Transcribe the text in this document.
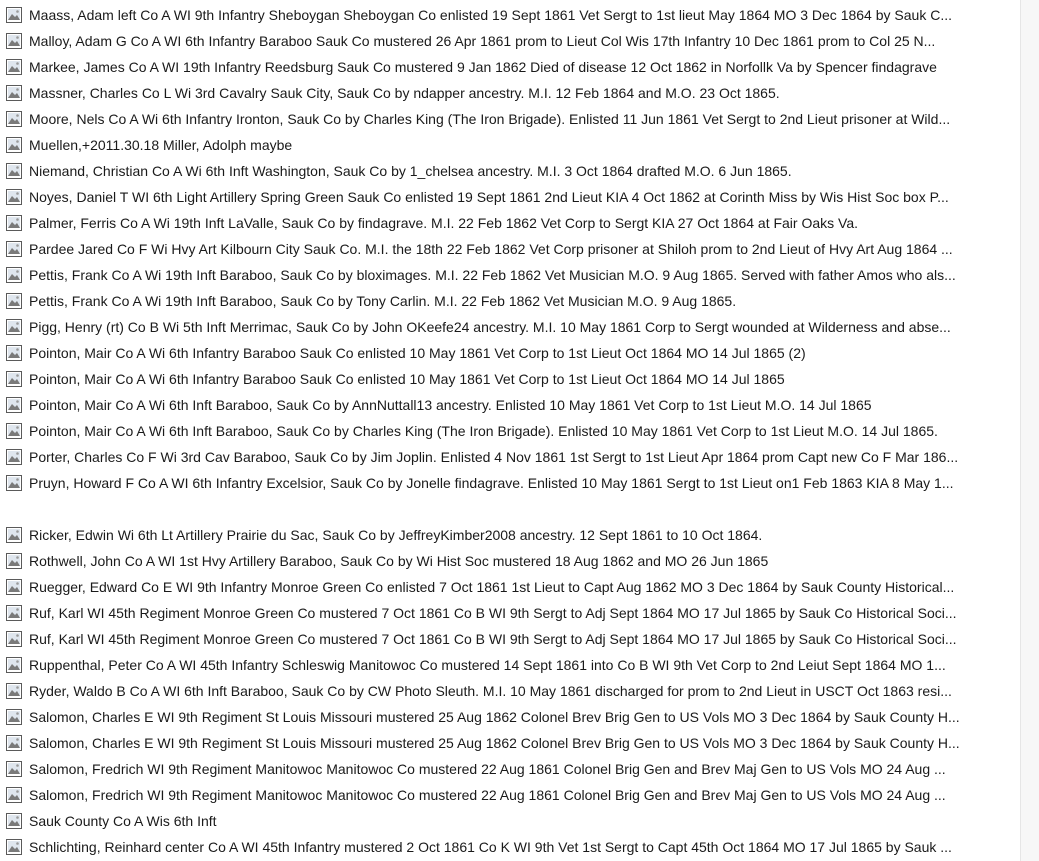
Maass, Adam left Co A WI 9th Infantry Sheboygan Sheboygan Co enlisted 19 Sept 1861 Vet Sergt to 1st lieut May 1864 MO 3 Dec 1864 by Sauk C...
Malloy, Adam G Co A WI 6th Infantry Baraboo Sauk Co mustered 26 Apr 1861 prom to Lieut Col Wis 17th Infantry 10 Dec 1861 prom to Col 25 N...
Markee, James Co A WI 19th Infantry Reedsburg Sauk Co mustered 9 Jan 1862 Died of disease 12 Oct 1862 in Norfollk Va by Spencer findagrave
Massner, Charles Co L Wi 3rd Cavalry Sauk City, Sauk Co by ndapper ancestry. M.I. 12 Feb 1864 and M.O. 23 Oct 1865.
Moore, Nels Co A Wi 6th Infantry Ironton, Sauk Co by Charles King (The Iron Brigade). Enlisted 11 Jun 1861 Vet Sergt to 2nd Lieut prisoner at Wild...
Muellen,+2011.30.18 Miller, Adolph maybe
Niemand, Christian Co A Wi 6th Inft Washington, Sauk Co by 1_chelsea ancestry. M.I. 3 Oct 1864 drafted M.O. 6 Jun 1865.
Noyes, Daniel T WI 6th Light Artillery Spring Green Sauk Co enlisted 19 Sept 1861 2nd Lieut KIA 4 Oct 1862 at Corinth Miss by Wis Hist Soc box P...
Palmer, Ferris Co A Wi 19th Inft LaValle, Sauk Co by findagrave. M.I. 22 Feb 1862 Vet Corp to Sergt KIA 27 Oct 1864 at Fair Oaks Va.
Pardee Jared Co F Wi Hvy Art Kilbourn City Sauk Co. M.I. the 18th 22 Feb 1862 Vet Corp prisoner at Shiloh prom to 2nd Lieut of Hvy Art Aug 1864 ...
Pettis, Frank Co A Wi 19th Inft Baraboo, Sauk Co by bloximages. M.I. 22 Feb 1862 Vet Musician M.O. 9 Aug 1865. Served with father Amos who als...
Pettis, Frank Co A Wi 19th Inft Baraboo, Sauk Co by Tony Carlin. M.I. 22 Feb 1862 Vet Musician M.O. 9 Aug 1865.
Pigg, Henry (rt) Co B Wi 5th Inft Merrimac, Sauk Co by John OKeefe24 ancestry. M.I. 10 May 1861 Corp to Sergt wounded at Wilderness and abse...
Pointon, Mair Co A Wi 6th Infantry Baraboo Sauk Co enlisted 10 May 1861 Vet Corp to 1st Lieut Oct 1864 MO 14 Jul 1865 (2)
Pointon, Mair Co A Wi 6th Infantry Baraboo Sauk Co enlisted 10 May 1861 Vet Corp to 1st Lieut Oct 1864 MO 14 Jul 1865
Pointon, Mair Co A Wi 6th Inft Baraboo, Sauk Co by AnnNuttall13 ancestry. Enlisted 10 May 1861 Vet Corp to 1st Lieut M.O. 14 Jul 1865
Pointon, Mair Co A Wi 6th Inft Baraboo, Sauk Co by Charles King (The Iron Brigade). Enlisted 10 May 1861 Vet Corp to 1st Lieut M.O. 14 Jul 1865.
Porter, Charles Co F Wi 3rd Cav Baraboo, Sauk Co by Jim Joplin. Enlisted 4 Nov 1861 1st Sergt to 1st Lieut Apr 1864 prom Capt new Co F Mar 186...
Pruyn, Howard F Co A WI 6th Infantry Excelsior, Sauk Co by Jonelle findagrave. Enlisted 10 May 1861 Sergt to 1st Lieut on1 Feb 1863 KIA 8 May 1...
Ricker, Edwin Wi 6th Lt Artillery Prairie du Sac, Sauk Co by JeffreyKimber2008 ancestry. 12 Sept 1861 to 10 Oct 1864.
Rothwell, John Co A WI 1st Hvy Artillery Baraboo, Sauk Co by Wi Hist Soc mustered 18 Aug 1862 and MO 26 Jun 1865
Ruegger, Edward Co E WI 9th Infantry Monroe Green Co enlisted 7 Oct 1861 1st Lieut to Capt Aug 1862 MO 3 Dec 1864 by Sauk County Historical...
Ruf, Karl WI 45th Regiment Monroe Green Co mustered 7 Oct 1861 Co B WI 9th Sergt to Adj Sept 1864 MO 17 Jul 1865 by Sauk Co Historical Soci...
Ruf, Karl WI 45th Regiment Monroe Green Co mustered 7 Oct 1861 Co B WI 9th Sergt to Adj Sept 1864 MO 17 Jul 1865 by Sauk Co Historical Soci...
Ruppenthal, Peter Co A WI 45th Infantry Schleswig Manitowoc Co mustered 14 Sept 1861 into Co B WI 9th Vet Corp to 2nd Leiut Sept 1864 MO 1...
Ryder, Waldo B Co A WI 6th Inft Baraboo, Sauk Co by CW Photo Sleuth. M.I. 10 May 1861 discharged for prom to 2nd Lieut in USCT Oct 1863 resi...
Salomon, Charles E WI 9th Regiment St Louis Missouri mustered 25 Aug 1862 Colonel Brev Brig Gen to US Vols MO 3 Dec 1864 by Sauk County H...
Salomon, Charles E WI 9th Regiment St Louis Missouri mustered 25 Aug 1862 Colonel Brev Brig Gen to US Vols MO 3 Dec 1864 by Sauk County H...
Salomon, Fredrich WI 9th Regiment Manitowoc Manitowoc Co mustered 22 Aug 1861 Colonel Brig Gen and Brev Maj Gen to US Vols MO 24 Aug ...
Salomon, Fredrich WI 9th Regiment Manitowoc Manitowoc Co mustered 22 Aug 1861 Colonel Brig Gen and Brev Maj Gen to US Vols MO 24 Aug ...
Sauk County Co A Wis 6th Inft
Schlichting, Reinhard center Co A WI 45th Infantry mustered 2 Oct 1861 Co K WI 9th Vet 1st Sergt to Capt 45th Oct 1864 MO 17 Jul 1865 by Sauk ...
